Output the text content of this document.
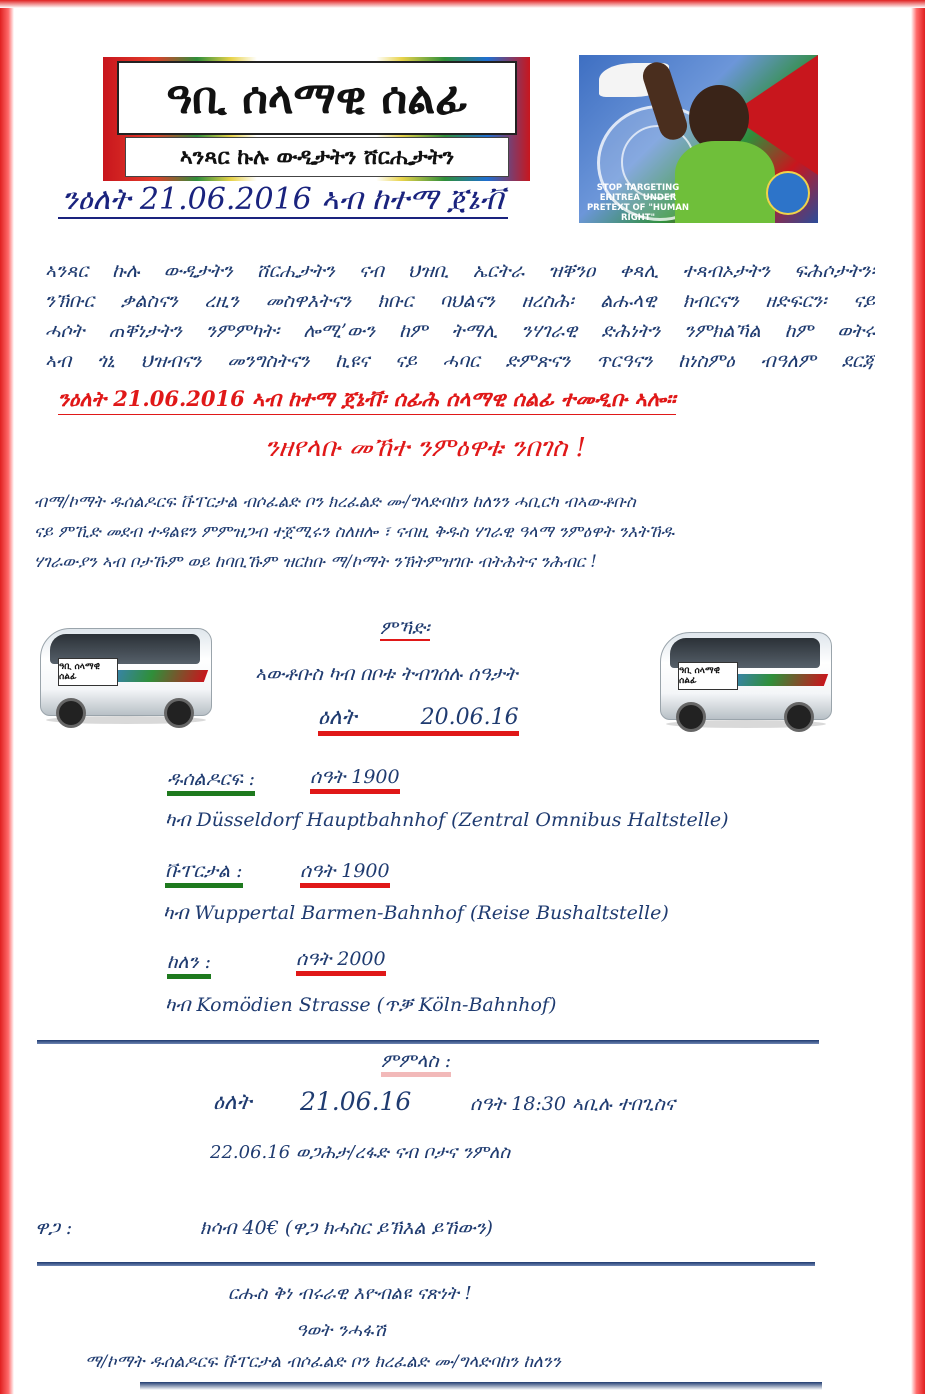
ዓቢ ሰላማዊ ሰልፊ
ኣንጻር ኩሉ ውዲታትን ሸርሒታትን
STOP TARGETING ERITREA UNDER PRETEXT OF "HUMAN RIGHT"
ንዕለት 21.06.2016 ኣብ ከተማ ጀኔቭ
ኣንጻር ኩሉ ውዲታትን ሸርሒታትን ናብ ህዝቢ ኤርትራ ዝቐንዐ ቀጻሊ ተጻብኦታትን ፍሕሶታትን፡
ንኽቡር ቃልስናን ረዚን መስዋእትናን ክቡር ባህልናን ዘረስሕ፡ ልሑላዊ ክብርናን ዘድፍርን፡ ናይ
ሓሶት ጠቐነታትን ንምምካት፡ ሎሚ’ውን ከም ትማሊ ንሃገራዊ ድሕነትን ንምክልኻል ከም ወትሩ
ኣብ ጎኒ ህዝብናን መንግስትናን ኪዩና ናይ ሓባር ድምጽናን ጥርዓናን ከነስምዕ ብዓለም ደርጃ
ንዕለት 21.06.2016 ኣብ ከተማ ጀኔቭ፡ ሰፊሕ ሰላማዊ ሰልፊ ተመዲቡ ኣሎ።
ንዘየላቡ መኸተ ንምዕዋቱ ንበገስ !
ብማ/ኮማት ዱሰልዶርፍ ቩፐርታል ብሶፈልድ ቦን ክረፈልድ ሙ/ግላድባከን ከለንን ሓቢርካ ብኣውቶቡስ
ናይ ምኺድ መደብ ተዳልዩን ምምዝጋብ ተጀሚሩን ስለዘሎ ፣ ናብዚ ቅዱስ ሃገራዊ ዓላማ ንምዕዋት ንእትኸዱ
ሃገራውያን ኣብ ቦታኹም ወይ ከባቢኹም ዝርከቡ ማ/ኮማት ንኽትምዝገቡ ብትሕትና ንሕብር !
ዓቢ ሰላማዊ ሰልፊ
ዓቢ ሰላማዊ ሰልፊ
ምኻድ፡
ኣውቶቡስ ካብ በቦቱ ትብገሰሉ ሰዓታት
ዕለት	20.06.16
ዱሰልዶርፍ :	ሰዓት 1900
ካብ Düsseldorf Hauptbahnhof (Zentral Omnibus Haltstelle)
ቩፐርታል :	ሰዓት 1900
ካብ Wuppertal Barmen-Bahnhof (Reise Bushaltstelle)
ከለን :	ሰዓት 2000
ካብ Komödien Strasse (ጥቓ Köln-Bahnhof)
ምምላስ :
ዕለት 21.06.16	ሰዓት 18:30 ኣቢሉ ተበጊስና
22.06.16 ወጋሕታ/ረፋድ ናብ ቦታና ንምለስ
ዋጋ :	ክሳብ 40€ (ዋጋ ክሓስር ይኽእል ይኸውን)
ርሑስ ቅነ ብሩራዊ እዮብልዩ ናጽነት !
ዓወት ንሓፋሽ
ማ/ኮማት ዱሰልዶርፍ ቩፐርታል ብሶፈልድ ቦን ክረፈልድ ሙ/ግላድባከን ከለንን
